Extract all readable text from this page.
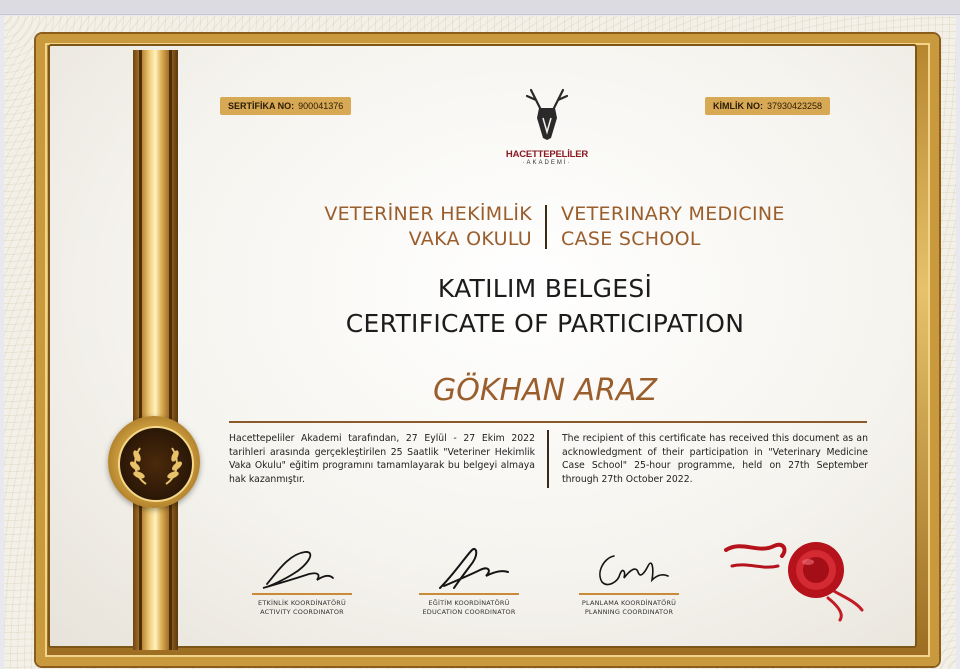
SERTİFİKA NO: 900041376	KİMLİK NO: 37930423258
HACETTEPELİLER
·AKADEMİ·
VETERİNER HEKİMLİK
VAKA OKULU
VETERINARY MEDICINE
CASE SCHOOL
KATILIM BELGESİ
CERTIFICATE OF PARTICIPATION
GÖKHAN ARAZ
Hacettepeliler Akademi tarafından, 27 Eylül - 27 Ekim 2022 tarihleri arasında gerçekleştirilen 25 Saatlik "Veteriner Hekimlik Vaka Okulu" eğitim programını tamamlayarak bu belgeyi almaya hak kazanmıştır.
The recipient of this certificate has received this document as an acknowledgment of their participation in "Veterinary Medicine Case School" 25-hour programme, held on 27th September through 27th October 2022.
ETKİNLİK KOORDİNATÖRÜ
ACTIVITY COORDINATOR
EĞİTİM KOORDİNATÖRÜ
EDUCATION COORDINATOR
PLANLAMA KOORDİNATÖRÜ
PLANNING COORDINATOR
